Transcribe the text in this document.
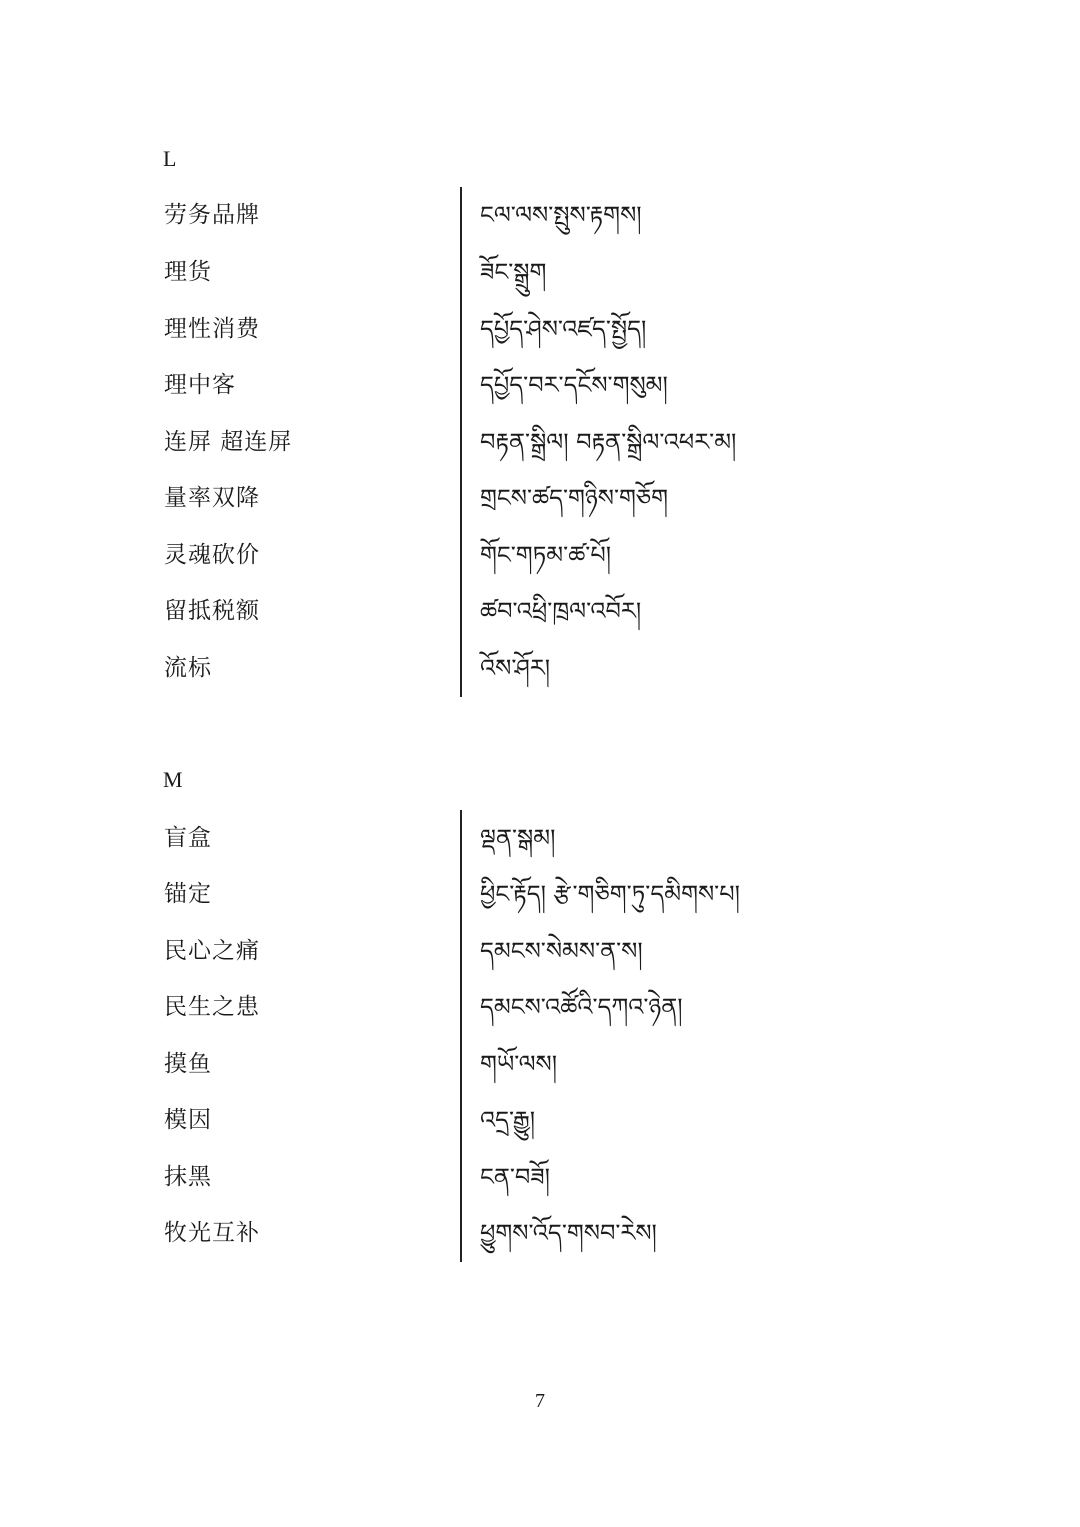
L
劳务品牌	ངལ་ལས་སྤུས་རྟགས།
理货	ཟོང་སྒྲུག
理性消费	དཔྱོད་ཤེས་འཛད་སྤྱོད།
理中客	དཔྱོད་བར་དངོས་གསུམ།
连屏 超连屏	བརྟན་སྒྲིལ། བརྟན་སྒྲིལ་འཕར་མ།
量率双降	གྲངས་ཚད་གཉིས་གཅོག
灵魂砍价	གོང་གཏམ་ཚ་པོ།
留抵税额	ཚབ་འཕྲི་ཁྲལ་འབོར།
流标	འོས་ཤོར།
M
盲盒	ལྡན་སྒམ།
锚定	ཕྱིང་རྟོད། རྩེ་གཅིག་ཏུ་དམིགས་པ།
民心之痛	དམངས་སེམས་ན་ས།
民生之患	དམངས་འཚོའི་དཀའ་ཉེན།
摸鱼	གཡོ་ལས།
模因	འདྲ་རྒྱུ།
抹黑	ངན་བཟོ།
牧光互补	ཕྱུགས་འོད་གསབ་རེས།
7
